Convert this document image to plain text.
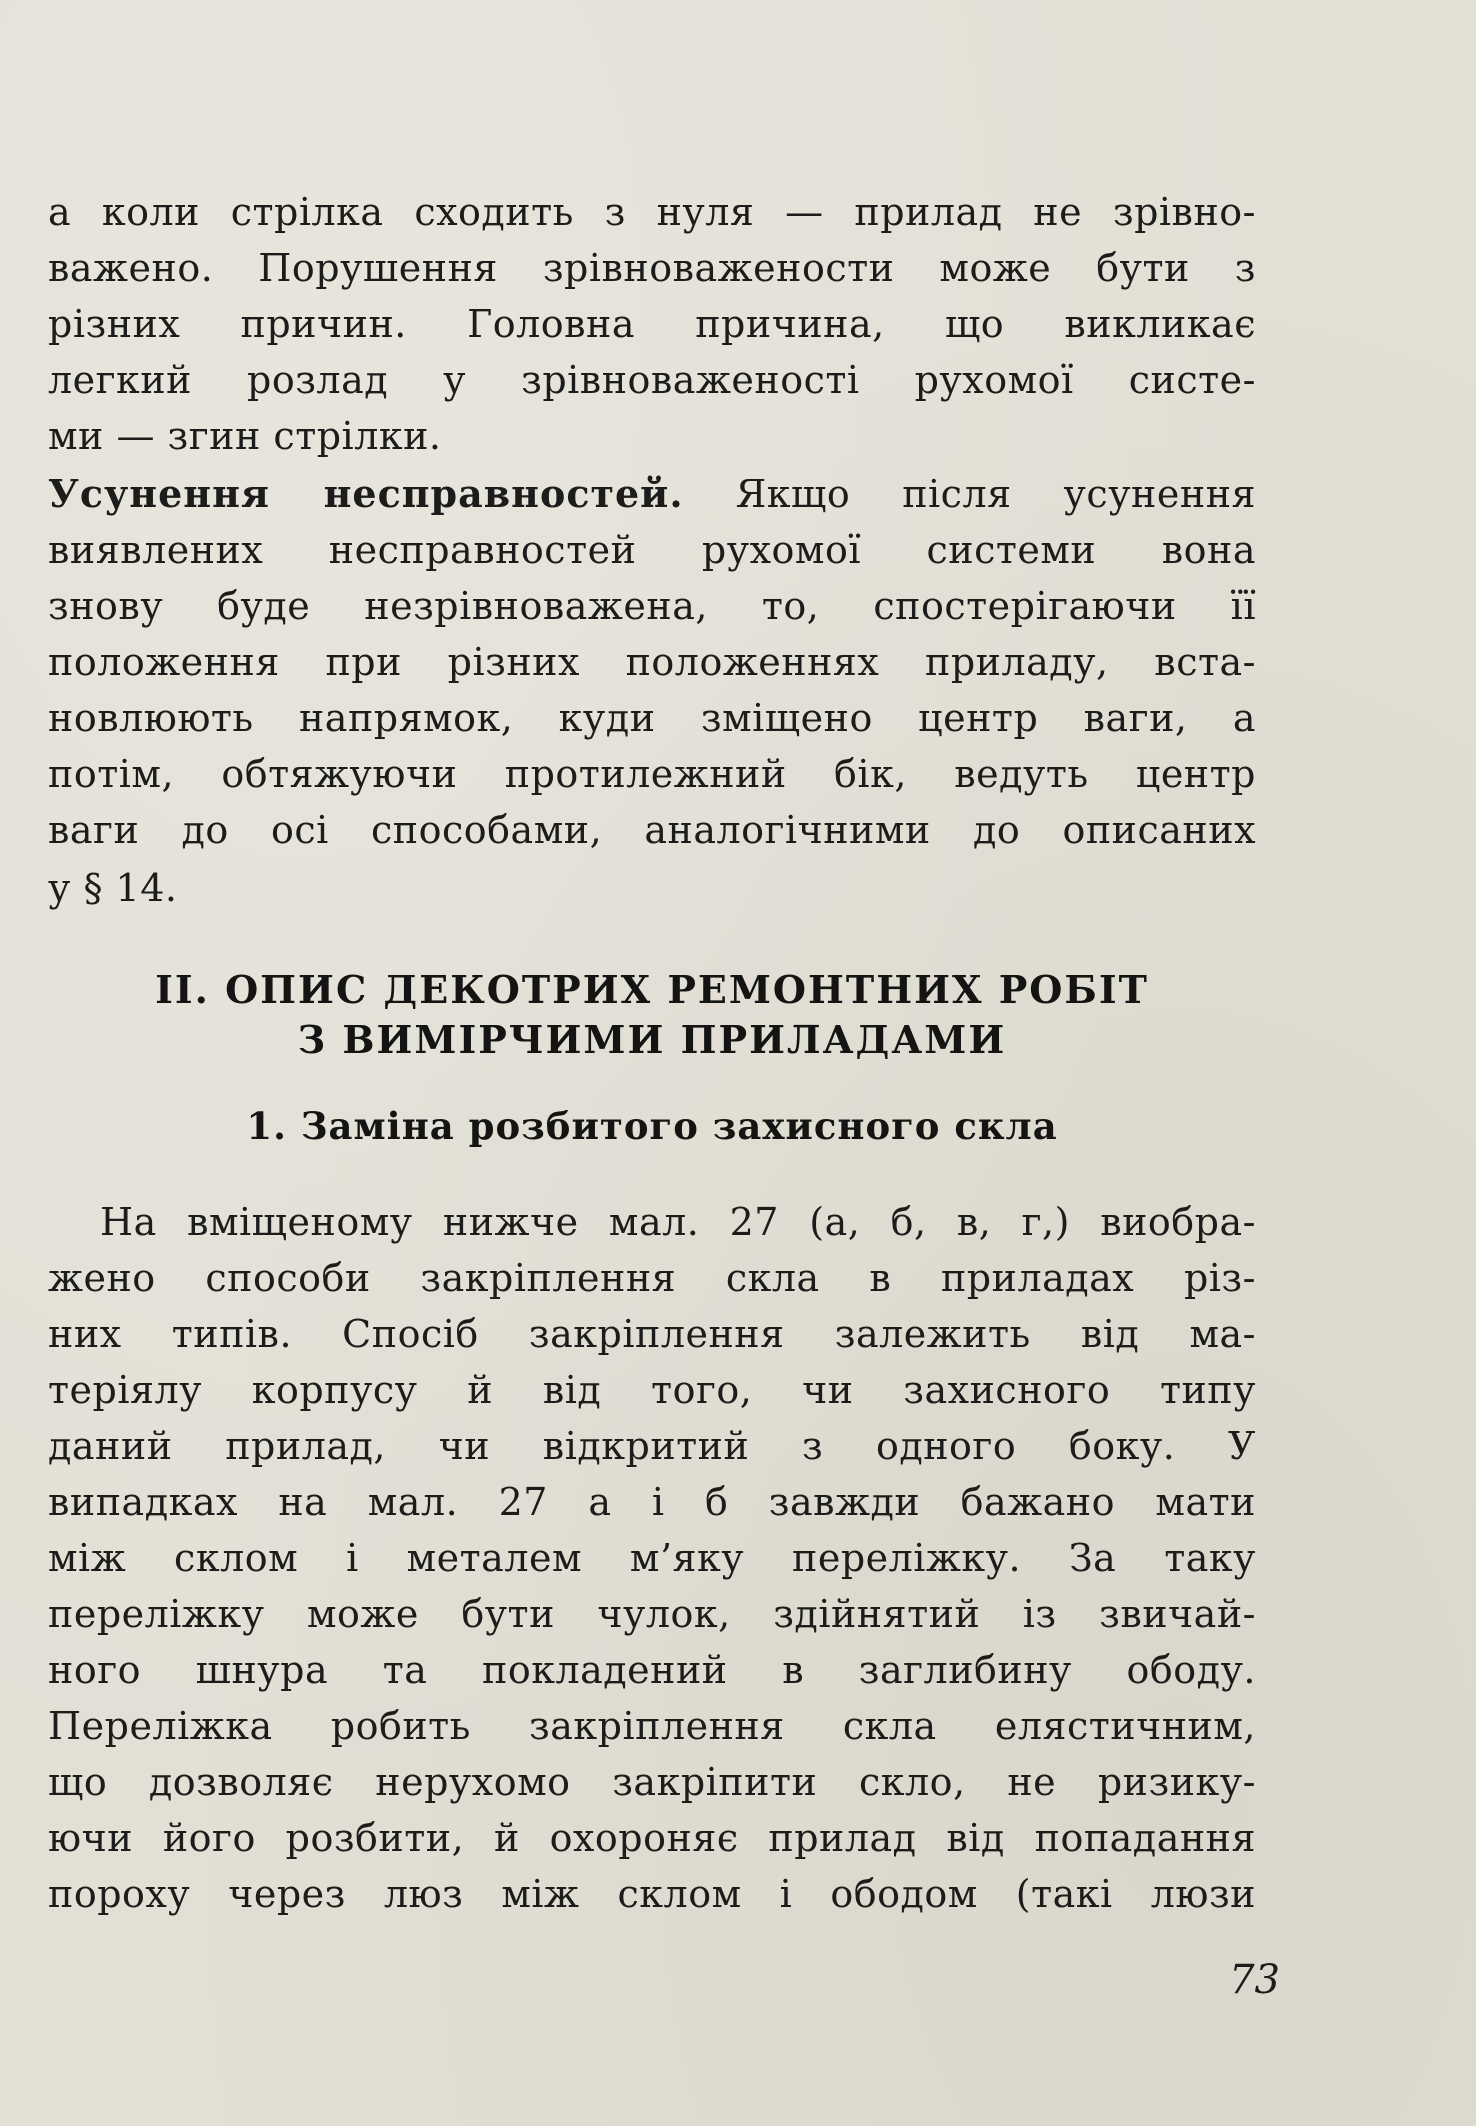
а коли стрілка сходить з нуля — прилад не зрівно-
важено. Порушення зрівноважености може бути з
різних причин. Головна причина, що викликає
легкий розлад у зрівноваженості рухомої систе-
ми — згин стрілки.
Усунення несправностей. Якщо після усунення
виявлених несправностей рухомої системи вона
знову буде незрівноважена, то, спостерігаючи її
положення при різних положеннях приладу, вста-
новлюють напрямок, куди зміщено центр ваги, а
потім, обтяжуючи протилежний бік, ведуть центр
ваги до осі способами, аналогічними до описаних
у § 14.
II. ОПИС ДЕКОТРИХ РЕМОНТНИХ РОБІТ
З ВИМІРЧИМИ ПРИЛАДАМИ
1. Заміна розбитого захисного скла
На вміщеному нижче мал. 27 (а, б, в, г,) виобра-
жено способи закріплення скла в приладах різ-
них типів. Спосіб закріплення залежить від ма-
теріялу корпусу й від того, чи захисного типу
даний прилад, чи відкритий з одного боку. У
випадках на мал. 27 а і б завжди бажано мати
між склом і металем м’яку переліжку. За таку
переліжку може бути чулок, здійнятий із звичай-
ного шнура та покладений в заглибину ободу.
Переліжка робить закріплення скла елястичним,
що дозволяє нерухомо закріпити скло, не ризику-
ючи його розбити, й охороняє прилад від попадання
пороху через люз між склом і ободом (такі люзи
73
